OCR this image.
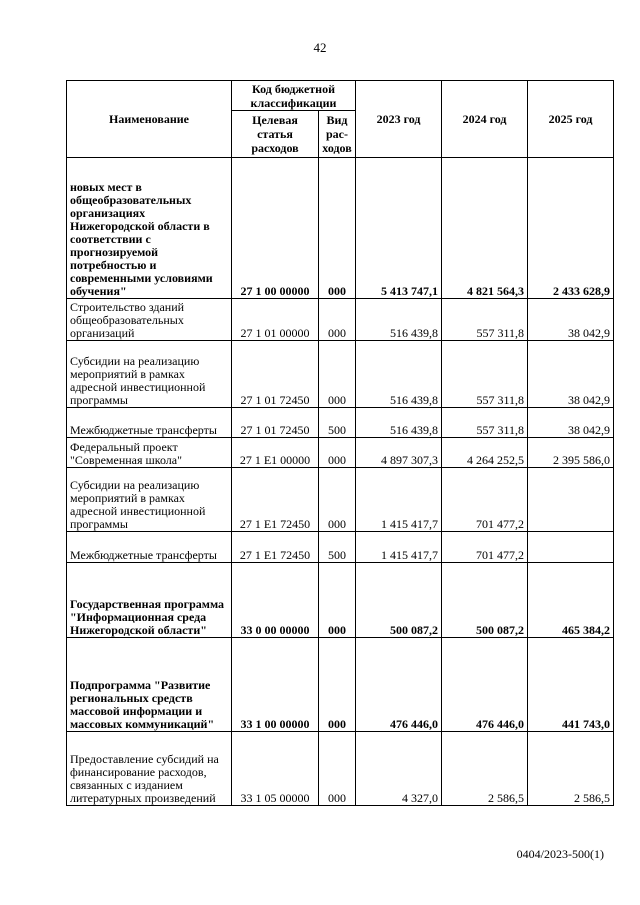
42
Наименование	Код бюджетной классификации		2023 год	2024 год	2025 год
	Целевая статья расходов	Вид рас-ходов			
новых мест в общеобразовательных организациях Нижегородской области в соответствии с прогнозируемой потребностью и современными условиями обучения"	27 1 00 00000	000	5 413 747,1	4 821 564,3	2 433 628,9
Строительство зданий общеобразовательных организаций	27 1 01 00000	000	516 439,8	557 311,8	38 042,9
Субсидии на реализацию мероприятий в рамках адресной инвестиционной программы	27 1 01 72450	000	516 439,8	557 311,8	38 042,9
Межбюджетные трансферты	27 1 01 72450	500	516 439,8	557 311,8	38 042,9
Федеральный проект "Современная школа"	27 1 E1 00000	000	4 897 307,3	4 264 252,5	2 395 586,0
Субсидии на реализацию мероприятий в рамках адресной инвестиционной программы	27 1 E1 72450	000	1 415 417,7	701 477,2	
Межбюджетные трансферты	27 1 E1 72450	500	1 415 417,7	701 477,2	
Государственная программа "Информационная среда Нижегородской области"	33 0 00 00000	000	500 087,2	500 087,2	465 384,2
Подпрограмма "Развитие региональных средств массовой информации и массовых коммуникаций"	33 1 00 00000	000	476 446,0	476 446,0	441 743,0
Предоставление субсидий на финансирование расходов, связанных с изданием литературных произведений	33 1 05 00000	000	4 327,0	2 586,5	2 586,5
0404/2023-500(1)
